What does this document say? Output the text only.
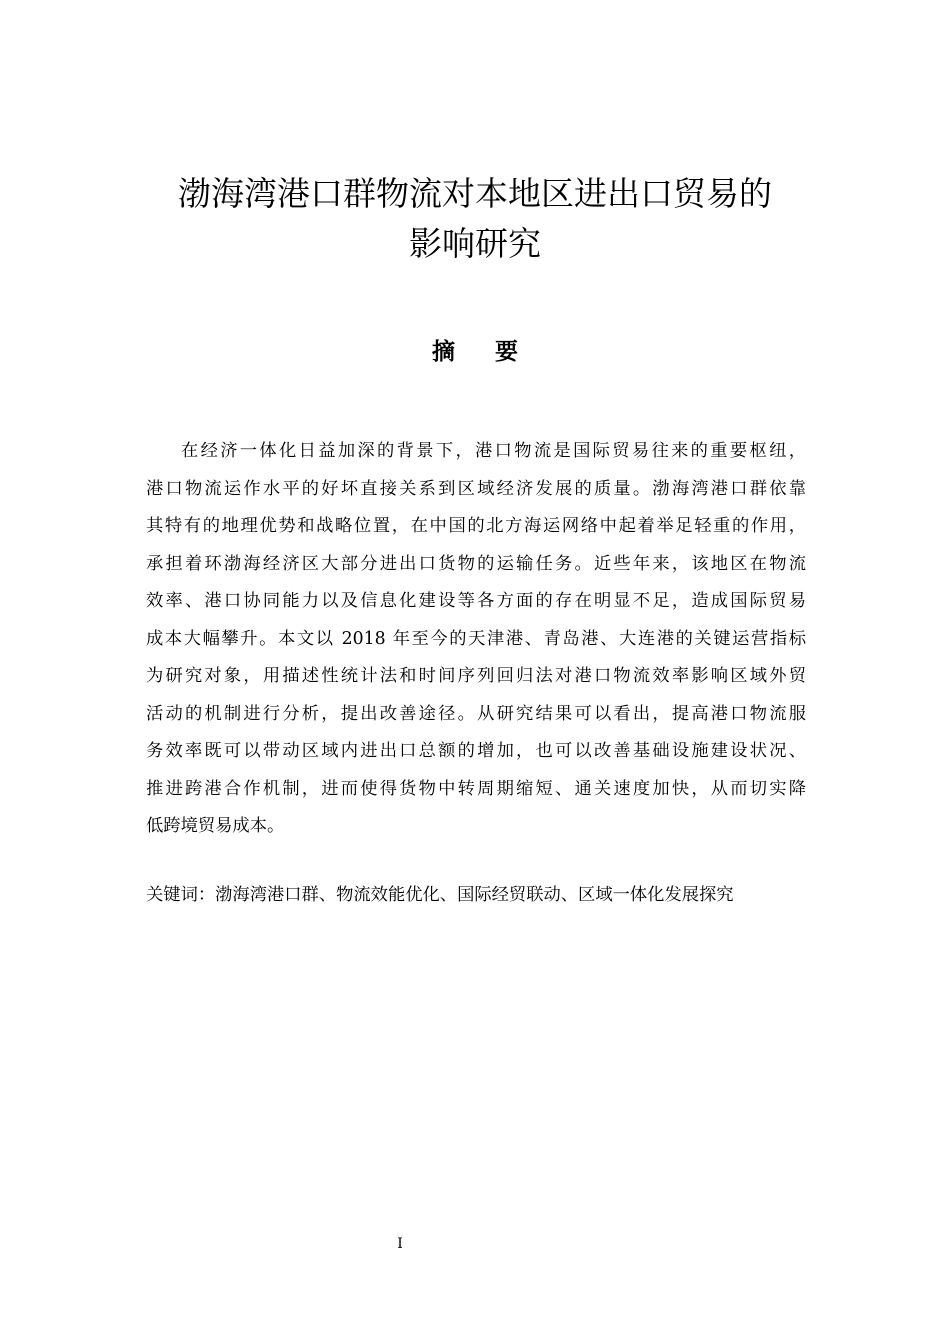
渤海湾港口群物流对本地区进出口贸易的
影响研究
摘 要
在经济一体化日益加深的背景下，港口物流是国际贸易往来的重要枢纽，
港口物流运作水平的好坏直接关系到区域经济发展的质量。渤海湾港口群依靠
其特有的地理优势和战略位置，在中国的北方海运网络中起着举足轻重的作用，
承担着环渤海经济区大部分进出口货物的运输任务。近些年来，该地区在物流
效率、港口协同能力以及信息化建设等各方面的存在明显不足，造成国际贸易
成本大幅攀升。本文以 2018 年至今的天津港、青岛港、大连港的关键运营指标
为研究对象，用描述性统计法和时间序列回归法对港口物流效率影响区域外贸
活动的机制进行分析，提出改善途径。从研究结果可以看出，提高港口物流服
务效率既可以带动区域内进出口总额的增加，也可以改善基础设施建设状况、
推进跨港合作机制，进而使得货物中转周期缩短、通关速度加快，从而切实降
低跨境贸易成本。

关键词：渤海湾港口群、物流效能优化、国际经贸联动、区域一体化发展探究

I
